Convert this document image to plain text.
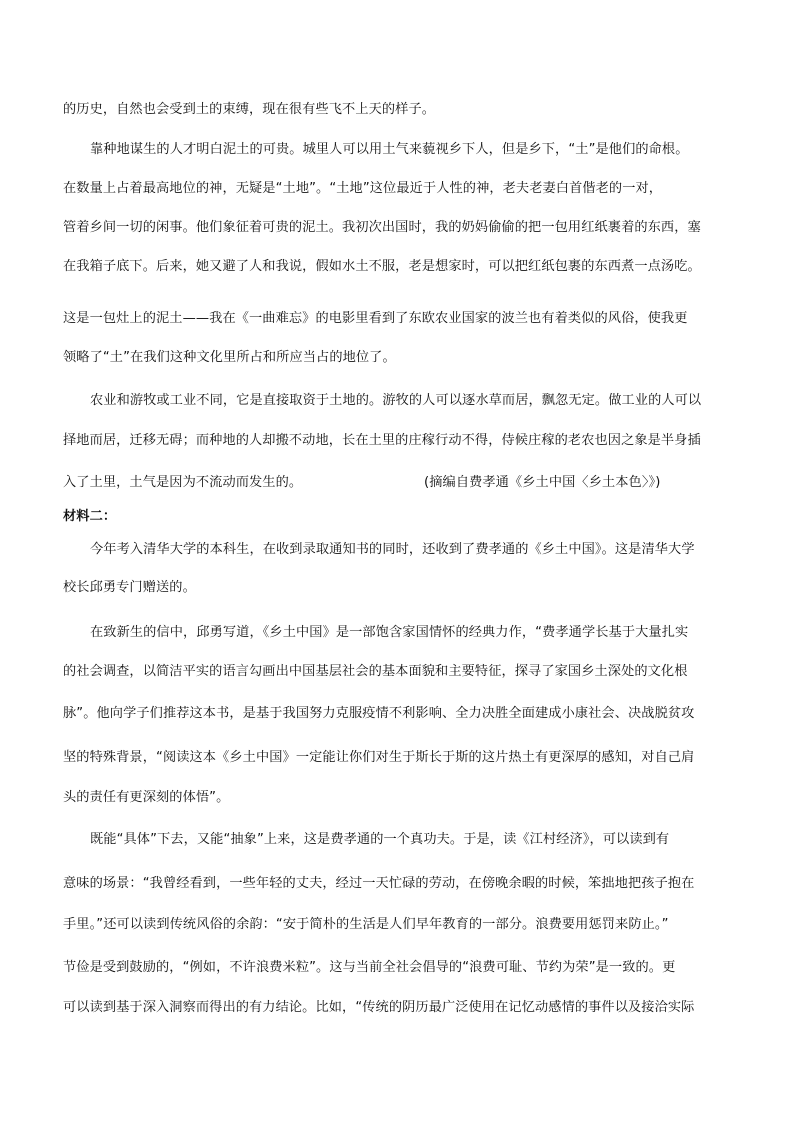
的历史，自然也会受到土的束缚，现在很有些飞不上天的样子。
靠种地谋生的人才明白泥土的可贵。城里人可以用土气来藐视乡下人，但是乡下，“土”是他们的命根。
在数量上占着最高地位的神，无疑是“土地”。“土地”这位最近于人性的神，老夫老妻白首偕老的一对，
管着乡间一切的闲事。他们象征着可贵的泥土。我初次出国时，我的奶妈偷偷的把一包用红纸裹着的东西，塞
在我箱子底下。后来，她又避了人和我说，假如水土不服，老是想家时，可以把红纸包裹的东西煮一点汤吃。
这是一包灶上的泥土——我在《一曲难忘》的电影里看到了东欧农业国家的波兰也有着类似的风俗，使我更
领略了“土”在我们这种文化里所占和所应当占的地位了。
农业和游牧或工业不同，它是直接取资于土地的。游牧的人可以逐水草而居，飘忽无定。做工业的人可以
择地而居，迁移无碍；而种地的人却搬不动地，长在土里的庄稼行动不得，侍候庄稼的老农也因之象是半身插
入了土里，土气是因为不流动而发生的。	(摘编自费孝通《乡土中国〈乡土本色〉》)
材料二：
今年考入清华大学的本科生，在收到录取通知书的同时，还收到了费孝通的《乡土中国》。这是清华大学
校长邱勇专门赠送的。
在致新生的信中，邱勇写道，《乡土中国》是一部饱含家国情怀的经典力作，“费孝通学长基于大量扎实
的社会调查，以简洁平实的语言勾画出中国基层社会的基本面貌和主要特征，探寻了家国乡土深处的文化根
脉”。他向学子们推荐这本书，是基于我国努力克服疫情不利影响、全力决胜全面建成小康社会、决战脱贫攻
坚的特殊背景，“阅读这本《乡土中国》一定能让你们对生于斯长于斯的这片热土有更深厚的感知，对自己肩
头的责任有更深刻的体悟”。
既能“具体”下去，又能“抽象”上来，这是费孝通的一个真功夫。于是，读《江村经济》，可以读到有
意味的场景：“我曾经看到，一些年轻的丈夫，经过一天忙碌的劳动，在傍晚余暇的时候，笨拙地把孩子抱在
手里。”还可以读到传统风俗的余韵：“安于简朴的生活是人们早年教育的一部分。浪费要用惩罚来防止。”
节俭是受到鼓励的，“例如，不许浪费米粒”。这与当前全社会倡导的“浪费可耻、节约为荣”是一致的。更
可以读到基于深入洞察而得出的有力结论。比如，“传统的阴历最广泛使用在记忆动感情的事件以及接洽实际
